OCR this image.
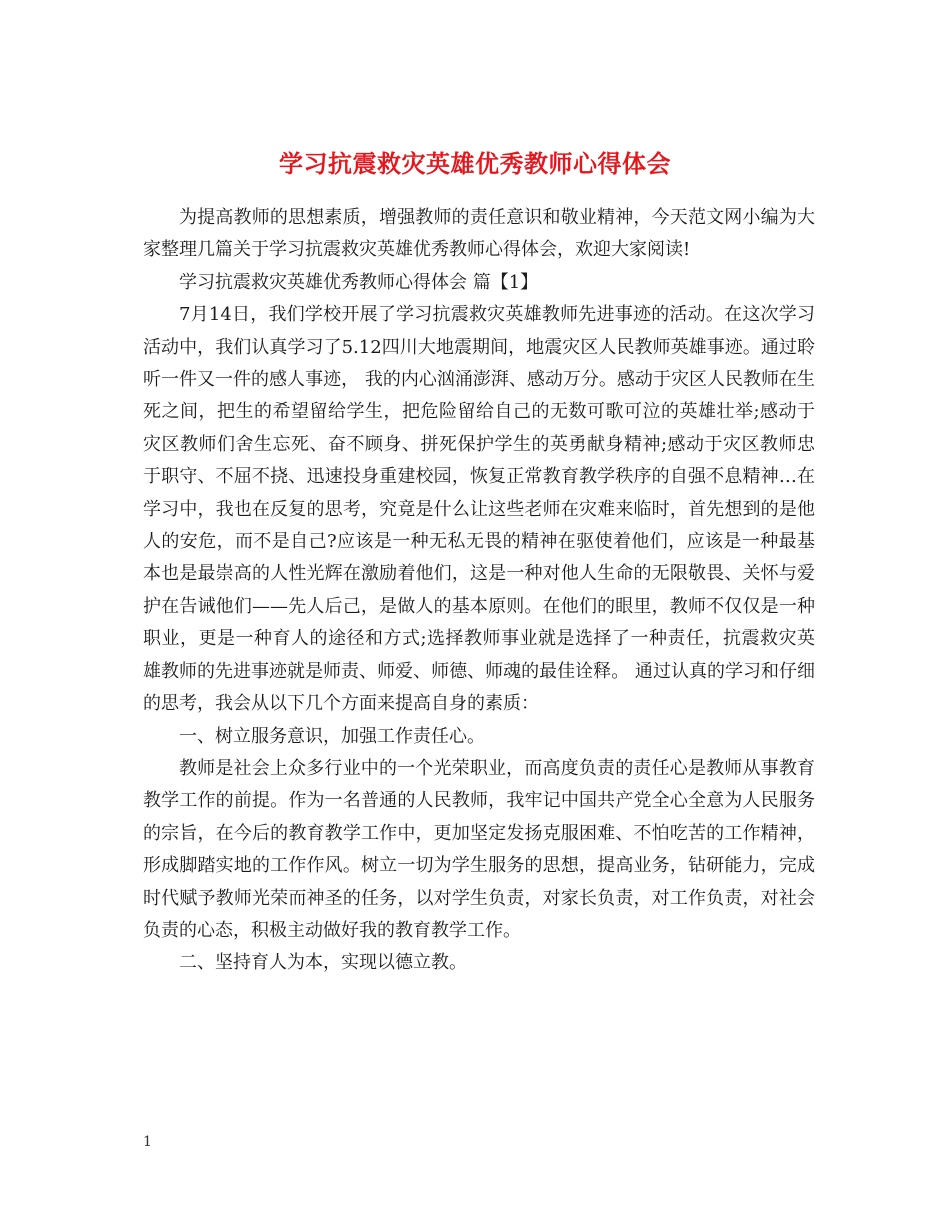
学习抗震救灾英雄优秀教师心得体会

为提高教师的思想素质，增强教师的责任意识和敬业精神，今天范文网小编为大家整理几篇关于学习抗震救灾英雄优秀教师心得体会，欢迎大家阅读!

学习抗震救灾英雄优秀教师心得体会 篇【1】

7月14日，我们学校开展了学习抗震救灾英雄教师先进事迹的活动。在这次学习活动中，我们认真学习了5.12四川大地震期间，地震灾区人民教师英雄事迹。通过聆听一件又一件的感人事迹， 我的内心汹涌澎湃、感动万分。感动于灾区人民教师在生死之间，把生的希望留给学生，把危险留给自己的无数可歌可泣的英雄壮举;感动于灾区教师们舍生忘死、奋不顾身、拼死保护学生的英勇献身精神;感动于灾区教师忠于职守、不屈不挠、迅速投身重建校园，恢复正常教育教学秩序的自强不息精神…在学习中，我也在反复的思考，究竟是什么让这些老师在灾难来临时，首先想到的是他人的安危，而不是自己?应该是一种无私无畏的精神在驱使着他们，应该是一种最基本也是最崇高的人性光辉在激励着他们，这是一种对他人生命的无限敬畏、关怀与爱护在告诫他们——先人后己，是做人的基本原则。在他们的眼里，教师不仅仅是一种职业，更是一种育人的途径和方式;选择教师事业就是选择了一种责任，抗震救灾英雄教师的先进事迹就是师责、师爱、师德、师魂的最佳诠释。 通过认真的学习和仔细的思考，我会从以下几个方面来提高自身的素质：

一、树立服务意识，加强工作责任心。

教师是社会上众多行业中的一个光荣职业，而高度负责的责任心是教师从事教育教学工作的前提。作为一名普通的人民教师，我牢记中国共产党全心全意为人民服务的宗旨，在今后的教育教学工作中，更加坚定发扬克服困难、不怕吃苦的工作精神，形成脚踏实地的工作作风。树立一切为学生服务的思想，提高业务，钻研能力，完成时代赋予教师光荣而神圣的任务，以对学生负责，对家长负责，对工作负责，对社会负责的心态，积极主动做好我的教育教学工作。

二、坚持育人为本，实现以德立教。

1
